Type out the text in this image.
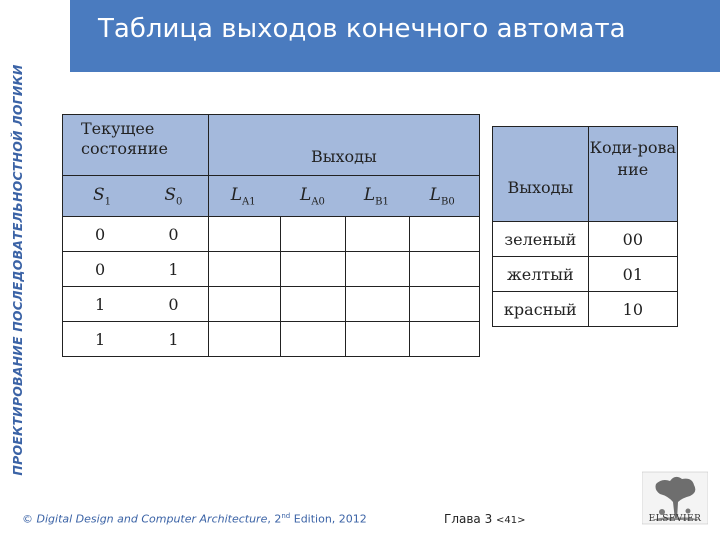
ПРОЕКТИРОВАНИЕ ПОСЛЕДОВАТЕЛЬНОСТНОЙ ЛОГИКИ
Таблица выходов конечного автомата
Текущее
состояние		Выходы			
$S_1$	$S_0$	$L_{A1}$	$L_{A0}$	$L_{B1}$	$L_{B0}$
0	0				
0	1				
1	0				
1	1				
Выходы	Коди-рова
ние

зеленый	00
желтый	01
красный	10
© Digital Design and Computer Architecture, 2nd Edition, 2012	Глава 3 <41>	ELSEVIER
